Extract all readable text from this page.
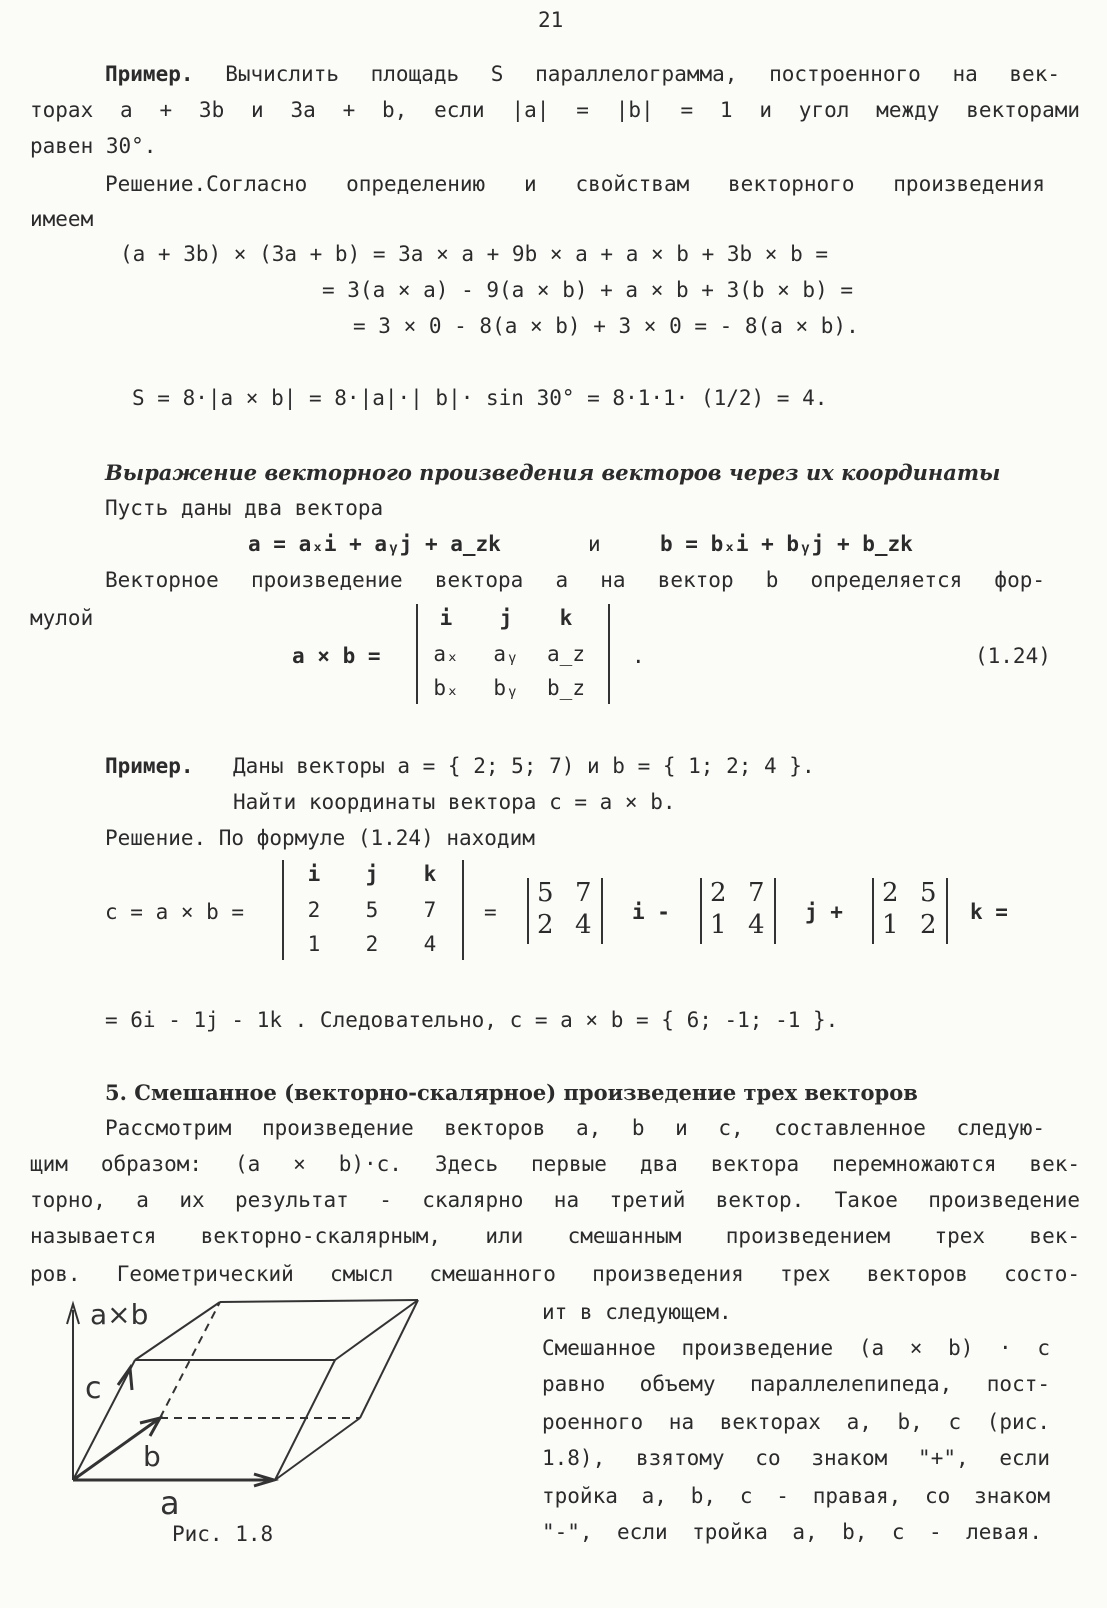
21
Пример. Вычислить площадь S параллелограмма, построенного на век-
торах a + 3b и 3a + b, если |a| = |b| = 1 и угол между векторами
равен 30°.
Решение.Согласно определению и свойствам векторного произведения
имеем
(a + 3b) × (3a + b) = 3a × a + 9b × a + a × b + 3b × b =
= 3(a × a) - 9(a × b) + a × b + 3(b × b) =
= 3 × 0 - 8(a × b) + 3 × 0 = - 8(a × b).
S = 8·|a × b| = 8·|a|·| b|· sin 30° = 8·1·1· (1/2) = 4.
Выражение векторного произведения векторов через их координаты
Пусть даны два вектора
a = aₓi + aᵧj + a_zk	и	b = bₓi + bᵧj + b_zk
Векторное произведение вектора a на вектор b определяется фор-
мулой
a × b =
i	j	k
aₓ	aᵧ	a_z
bₓ	bᵧ	b_z
.	(1.24)
Пример. Даны векторы a = { 2; 5; 7) и b = { 1; 2; 4 }.
Найти координаты вектора c = a × b.
Решение. По формуле (1.24) находим
c = a × b =
i	j	k
2	5	7
1	2	4
=
5 7
2 4 i -
2 7
1 4 j +
2 5
1 2 k =
= 6i - 1j - 1k . Следовательно, c = a × b = { 6; -1; -1 }.
5. Смешанное (векторно-скалярное) произведение трех векторов
Рассмотрим произведение векторов a, b и c, составленное следую-
щим образом: (a × b)·c. Здесь первые два вектора перемножаются век-
торно, а их результат - скалярно на третий вектор. Такое произведение
называется векторно-скалярным, или смешанным произведением трех век-
ров. Геометрический смысл смешанного произведения трех векторов состо-
ит в следующем.
Смешанное произведение (a × b) · c
равно объему параллелепипеда, пост-
роенного на векторах a, b, c (рис.
1.8), взятому со знаком "+", если
тройка a, b, c - правая, со знаком
"-", если тройка a, b, c - левая.
a×b
c
b
a
Рис. 1.8
